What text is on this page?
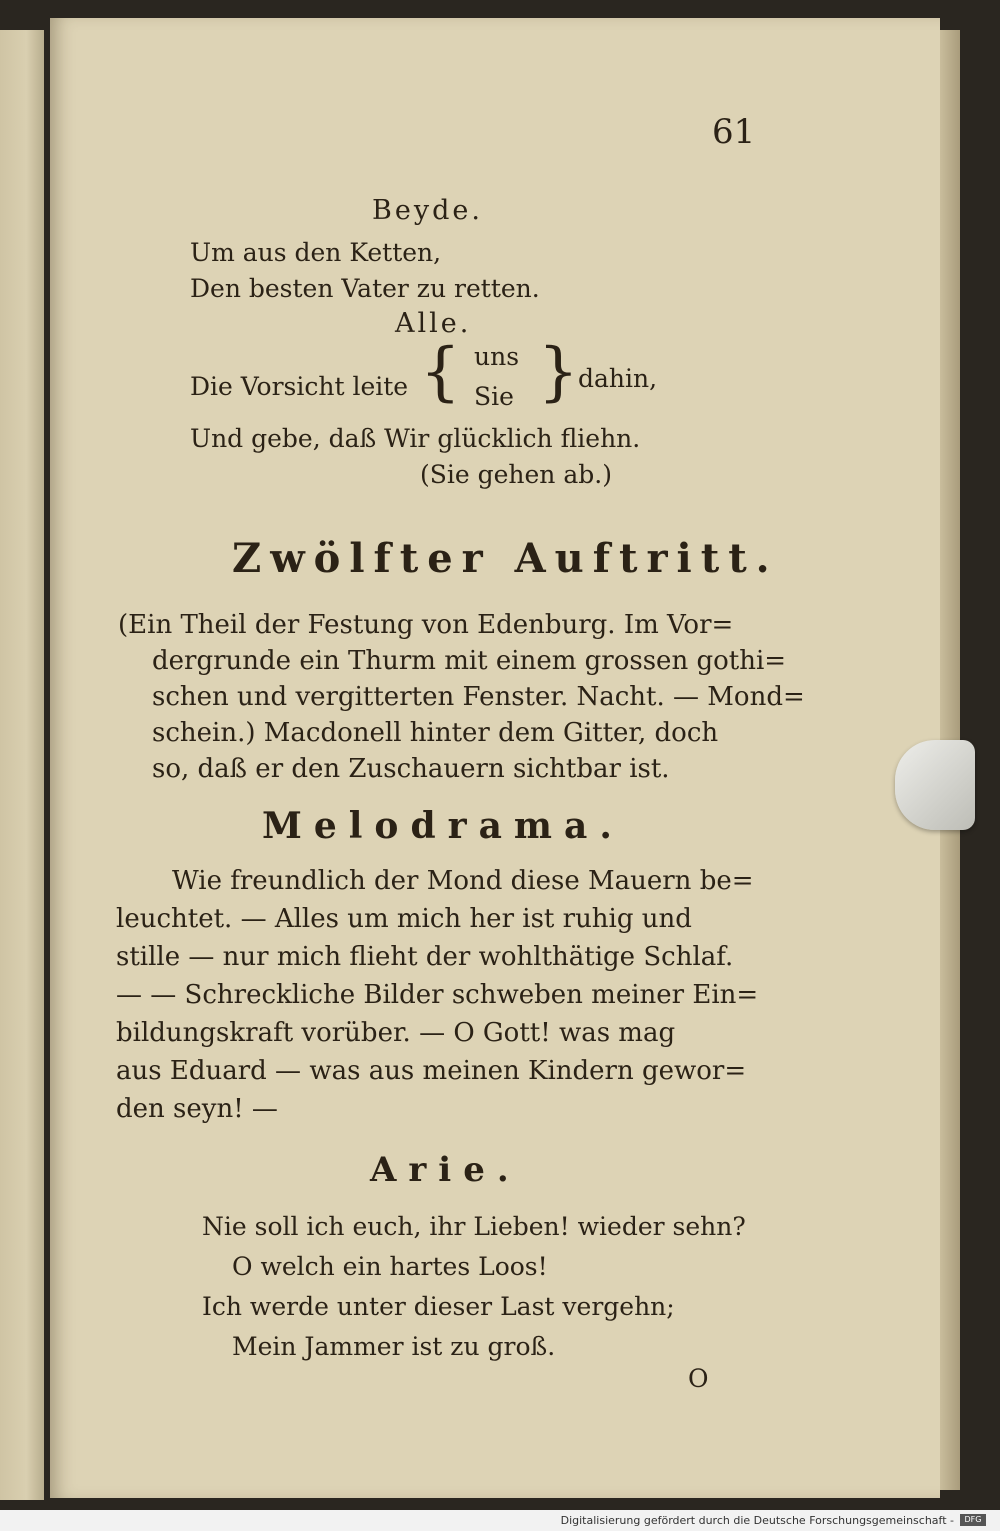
61
Beyde.
Um aus den Ketten,
Den besten Vater zu retten.
Alle.
Die Vorsicht leite { uns
Sie } dahin,
Und gebe, daß Wir glücklich fliehn.
(Sie gehen ab.)
Zwölfter Auftritt.
(Ein Theil der Festung von Edenburg. Im Vor=
dergrunde ein Thurm mit einem grossen gothi=
schen und vergitterten Fenster. Nacht. — Mond=
schein.) Macdonell hinter dem Gitter, doch
so, daß er den Zuschauern sichtbar ist.
Melodrama.
Wie freundlich der Mond diese Mauern be=
leuchtet. — Alles um mich her ist ruhig und
stille — nur mich flieht der wohlthätige Schlaf.
— — Schreckliche Bilder schweben meiner Ein=
bildungskraft vorüber. — O Gott! was mag
aus Eduard — was aus meinen Kindern gewor=
den seyn! —
Arie.
Nie soll ich euch, ihr Lieben! wieder sehn?
O welch ein hartes Loos!
Ich werde unter dieser Last vergehn;
Mein Jammer ist zu groß.
O
Digitalisierung gefördert durch die Deutsche Forschungsgemeinschaft -	DFG
